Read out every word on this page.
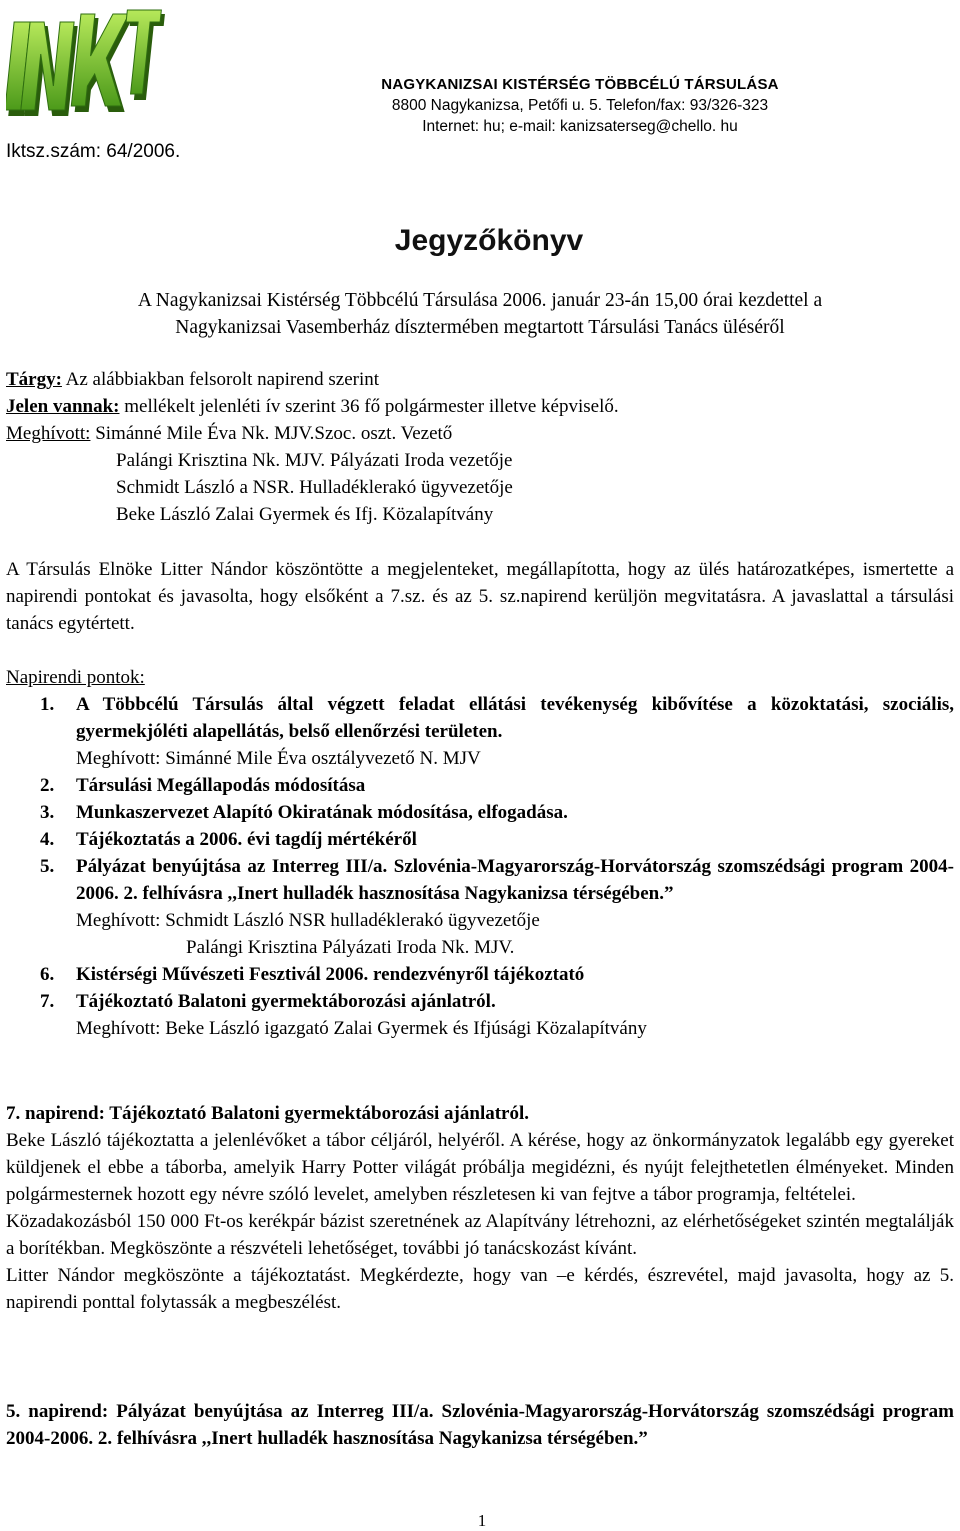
NAGYKANIZSAI KISTÉRSÉG TÖBBCÉLÚ TÁRSULÁSA
8800 Nagykanizsa, Petőfi u. 5. Telefon/fax: 93/326-323
Internet: hu; e-mail: kanizsaterseg@chello. hu
Iktsz.szám: 64/2006.
Jegyzőkönyv
A Nagykanizsai Kistérség Többcélú Társulása 2006. január 23-án 15,00 órai kezdettel a
Nagykanizsai Vasemberház dísztermében megtartott Társulási Tanács üléséről
Tárgy: Az alábbiakban felsorolt napirend szerint
Jelen vannak: mellékelt jelenléti ív szerint 36 fő polgármester illetve képviselő.
Meghívott: Simánné Mile Éva Nk. MJV.Szoc. oszt. Vezető
Palángi Krisztina Nk. MJV. Pályázati Iroda vezetője
Schmidt László a NSR. Hulladéklerakó ügyvezetője
Beke László Zalai Gyermek és Ifj. Közalapítvány
A Társulás Elnöke Litter Nándor köszöntötte a megjelenteket, megállapította, hogy az ülés határozatképes, ismertette a napirendi pontokat és javasolta, hogy elsőként a 7.sz. és az 5. sz.napirend kerüljön megvitatásra. A javaslattal a társulási tanács egytértett.
Napirendi pontok:
1. A Többcélú Társulás által végzett feladat ellátási tevékenység kibővítése a közoktatási, szociális, gyermekjóléti alapellátás, belső ellenőrzési területen.
Meghívott: Simánné Mile Éva osztályvezető N. MJV
2. Társulási Megállapodás módosítása
3. Munkaszervezet Alapító Okiratának módosítása, elfogadása.
4. Tájékoztatás a 2006. évi tagdíj mértékéről
5. Pályázat benyújtása az Interreg III/a. Szlovénia-Magyarország-Horvátország szomszédsági program 2004-2006. 2. felhívásra ,,Inert hulladék hasznosítása Nagykanizsa térségében.”
Meghívott: Schmidt László NSR hulladéklerakó ügyvezetője
Palángi Krisztina Pályázati Iroda Nk. MJV.
6. Kistérségi Művészeti Fesztivál 2006. rendezvényről tájékoztató
7. Tájékoztató Balatoni gyermektáborozási ajánlatról.
Meghívott: Beke László igazgató Zalai Gyermek és Ifjúsági Közalapítvány
7. napirend: Tájékoztató Balatoni gyermektáborozási ajánlatról.
Beke László tájékoztatta a jelenlévőket a tábor céljáról, helyéről. A kérése, hogy az önkormányzatok legalább egy gyereket küldjenek el ebbe a táborba, amelyik Harry Potter világát próbálja megidézni, és nyújt felejthetetlen élményeket. Minden polgármesternek hozott egy névre szóló levelet, amelyben részletesen ki van fejtve a tábor programja, feltételei.
Közadakozásból 150 000 Ft-os kerékpár bázist szeretnének az Alapítvány létrehozni, az elérhetőségeket szintén megtalálják a borítékban. Megköszönte a részvételi lehetőséget, további jó tanácskozást kívánt.
Litter Nándor megköszönte a tájékoztatást. Megkérdezte, hogy van –e kérdés, észrevétel, majd javasolta, hogy az 5. napirendi ponttal folytassák a megbeszélést.
5. napirend: Pályázat benyújtása az Interreg III/a. Szlovénia-Magyarország-Horvátország szomszédsági program 2004-2006. 2. felhívásra ,,Inert hulladék hasznosítása Nagykanizsa térségében.”
1
